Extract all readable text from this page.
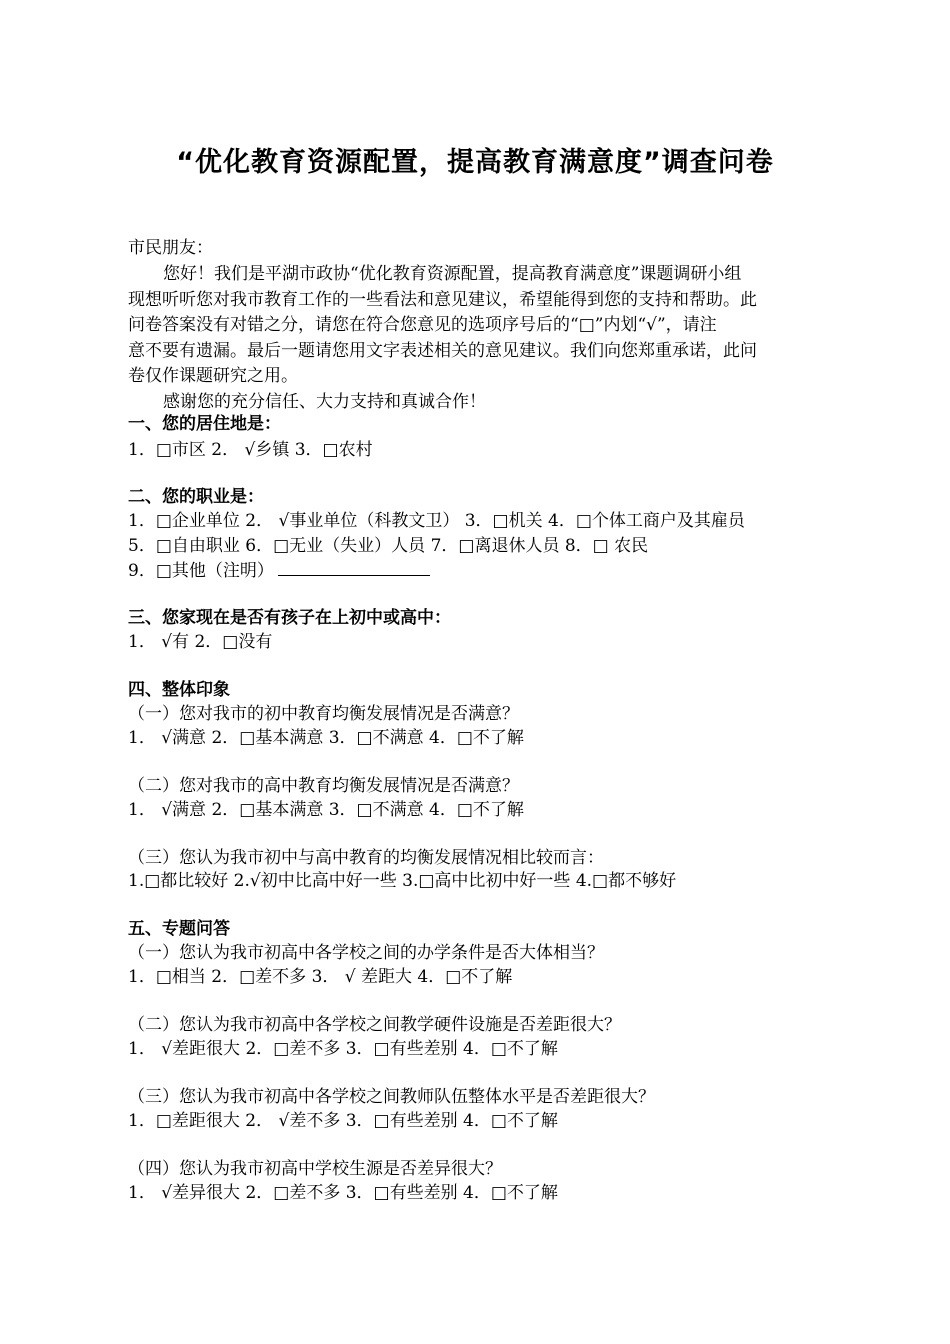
“优化教育资源配置，提高教育满意度”调查问卷
市民朋友：
您好！我们是平湖市政协“优化教育资源配置，提高教育满意度”课题调研小组
现想听听您对我市教育工作的一些看法和意见建议，希望能得到您的支持和帮助。此
问卷答案没有对错之分，请您在符合您意见的选项序号后的“□”内划“√”，请注
意不要有遗漏。最后一题请您用文字表述相关的意见建议。我们向您郑重承诺，此问
卷仅作课题研究之用。
感谢您的充分信任、大力支持和真诚合作！
一、您的居住地是：
1．□市区 2． √乡镇 3．□农村
二、您的职业是：
1．□企业单位 2． √事业单位（科教文卫） 3．□机关 4．□个体工商户及其雇员
5．□自由职业 6．□无业（失业）人员 7．□离退休人员 8．□ 农民
9．□其他（注明）
三、您家现在是否有孩子在上初中或高中：
1． √有 2．□没有
四、整体印象
（一）您对我市的初中教育均衡发展情况是否满意？
1． √满意 2．□基本满意 3．□不满意 4．□不了解
（二）您对我市的高中教育均衡发展情况是否满意？
1． √满意 2．□基本满意 3．□不满意 4．□不了解
（三）您认为我市初中与高中教育的均衡发展情况相比较而言：
1.□都比较好 2.√初中比高中好一些 3.□高中比初中好一些 4.□都不够好
五、专题问答
（一）您认为我市初高中各学校之间的办学条件是否大体相当？
1．□相当 2．□差不多 3． √ 差距大 4．□不了解
（二）您认为我市初高中各学校之间教学硬件设施是否差距很大？
1． √差距很大 2．□差不多 3．□有些差别 4．□不了解
（三）您认为我市初高中各学校之间教师队伍整体水平是否差距很大？
1．□差距很大 2． √差不多 3．□有些差别 4．□不了解
（四）您认为我市初高中学校生源是否差异很大？
1． √差异很大 2．□差不多 3．□有些差别 4．□不了解
